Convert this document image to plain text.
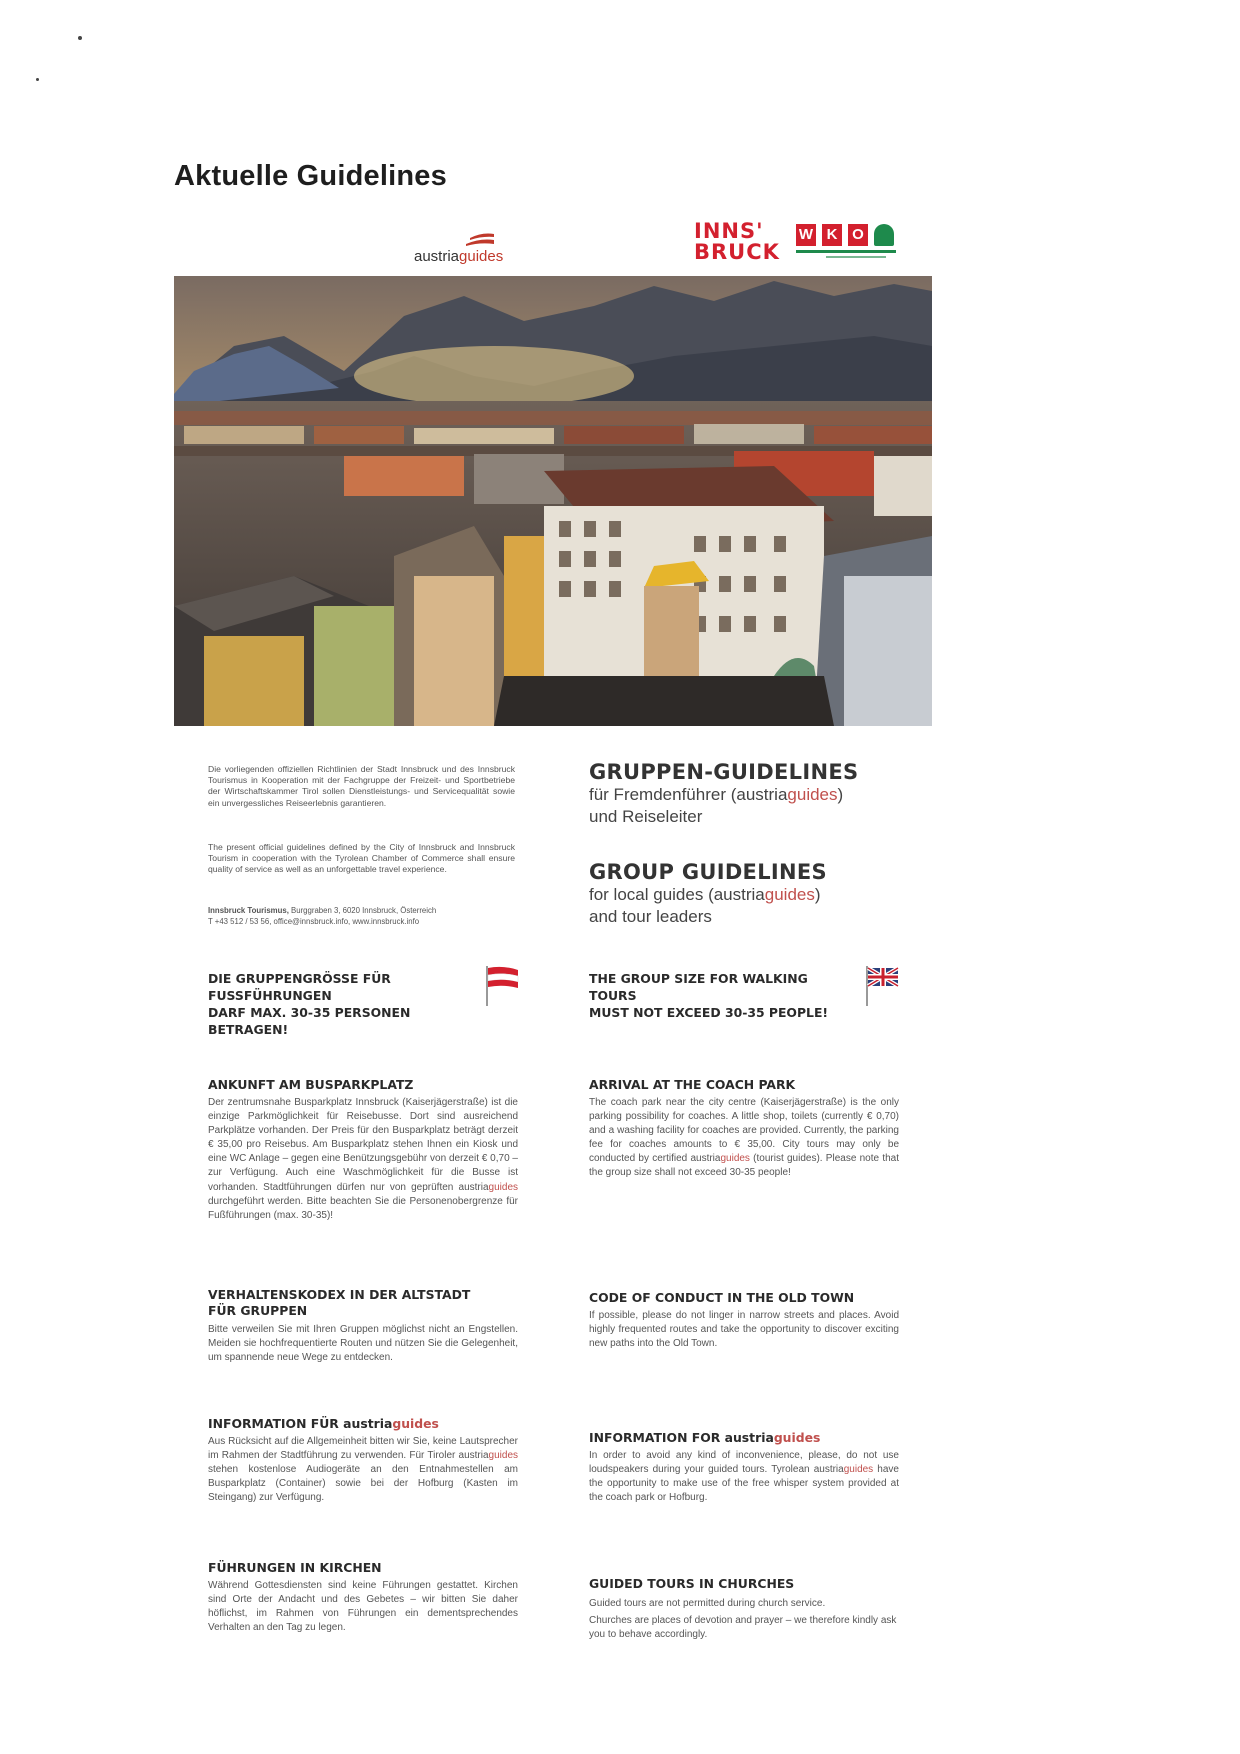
Aktuelle Guidelines
austriaguides
INNS'
BRUCK
W K O
Die vorliegenden offiziellen Richtlinien der Stadt Innsbruck und des Innsbruck Tourismus in Kooperation mit der Fachgruppe der Freizeit- und Sportbetriebe der Wirtschaftskammer Tirol sollen Dienstleistungs- und Servicequalität sowie ein unvergessliches Reiseerlebnis garantieren.
The present official guidelines defined by the City of Innsbruck and Innsbruck Tourism in cooperation with the Tyrolean Chamber of Commerce shall ensure quality of service as well as an unforgettable travel experience.
Innsbruck Tourismus, Burggraben 3, 6020 Innsbruck, Österreich
T +43 512 / 53 56, office@innsbruck.info, www.innsbruck.info
GRUPPEN-GUIDELINES
für Fremdenführer (austriaguides)
und Reiseleiter
GROUP GUIDELINES
for local guides (austriaguides)
and tour leaders
DIE GRUPPENGRÖSSE FÜR FUSSFÜHRUNGEN
DARF MAX. 30-35 PERSONEN BETRAGEN!
THE GROUP SIZE FOR WALKING TOURS
MUST NOT EXCEED 30-35 PEOPLE!
ANKUNFT AM BUSPARKPLATZ
Der zentrumsnahe Busparkplatz Innsbruck (Kaiserjägerstraße) ist die einzige Parkmöglichkeit für Reisebusse. Dort sind ausreichend Parkplätze vorhanden. Der Preis für den Busparkplatz beträgt derzeit € 35,00 pro Reisebus. Am Busparkplatz stehen Ihnen ein Kiosk und eine WC Anlage – gegen eine Benützungsgebühr von derzeit € 0,70 – zur Verfügung. Auch eine Waschmöglichkeit für die Busse ist vorhanden. Stadtführungen dürfen nur von geprüften austriaguides durchgeführt werden. Bitte beachten Sie die Personenobergrenze für Fußführungen (max. 30-35)!
ARRIVAL AT THE COACH PARK
The coach park near the city centre (Kaiserjägerstraße) is the only parking possibility for coaches. A little shop, toilets (currently € 0,70) and a washing facility for coaches are provided. Currently, the parking fee for coaches amounts to € 35,00. City tours may only be conducted by certified austriaguides (tourist guides). Please note that the group size shall not exceed 30-35 people!
VERHALTENSKODEX IN DER ALTSTADT
FÜR GRUPPEN
Bitte verweilen Sie mit Ihren Gruppen möglichst nicht an Engstellen. Meiden sie hochfrequentierte Routen und nützen Sie die Gelegenheit, um spannende neue Wege zu entdecken.
CODE OF CONDUCT IN THE OLD TOWN
If possible, please do not linger in narrow streets and places. Avoid highly frequented routes and take the opportunity to discover exciting new paths into the Old Town.
INFORMATION FÜR austriaguides
Aus Rücksicht auf die Allgemeinheit bitten wir Sie, keine Lautsprecher im Rahmen der Stadtführung zu verwenden. Für Tiroler austriaguides stehen kostenlose Audiogeräte an den Entnahmestellen am Busparkplatz (Container) sowie bei der Hofburg (Kasten im Steingang) zur Verfügung.
INFORMATION FOR austriaguides
In order to avoid any kind of inconvenience, please, do not use loudspeakers during your guided tours. Tyrolean austriaguides have the opportunity to make use of the free whisper system provided at the coach park or Hofburg.
FÜHRUNGEN IN KIRCHEN
Während Gottesdiensten sind keine Führungen gestattet. Kirchen sind Orte der Andacht und des Gebetes – wir bitten Sie daher höflichst, im Rahmen von Führungen ein dementsprechendes Verhalten an den Tag zu legen.
GUIDED TOURS IN CHURCHES
Guided tours are not permitted during church service.
Churches are places of devotion and prayer – we therefore kindly ask you to behave accordingly.
